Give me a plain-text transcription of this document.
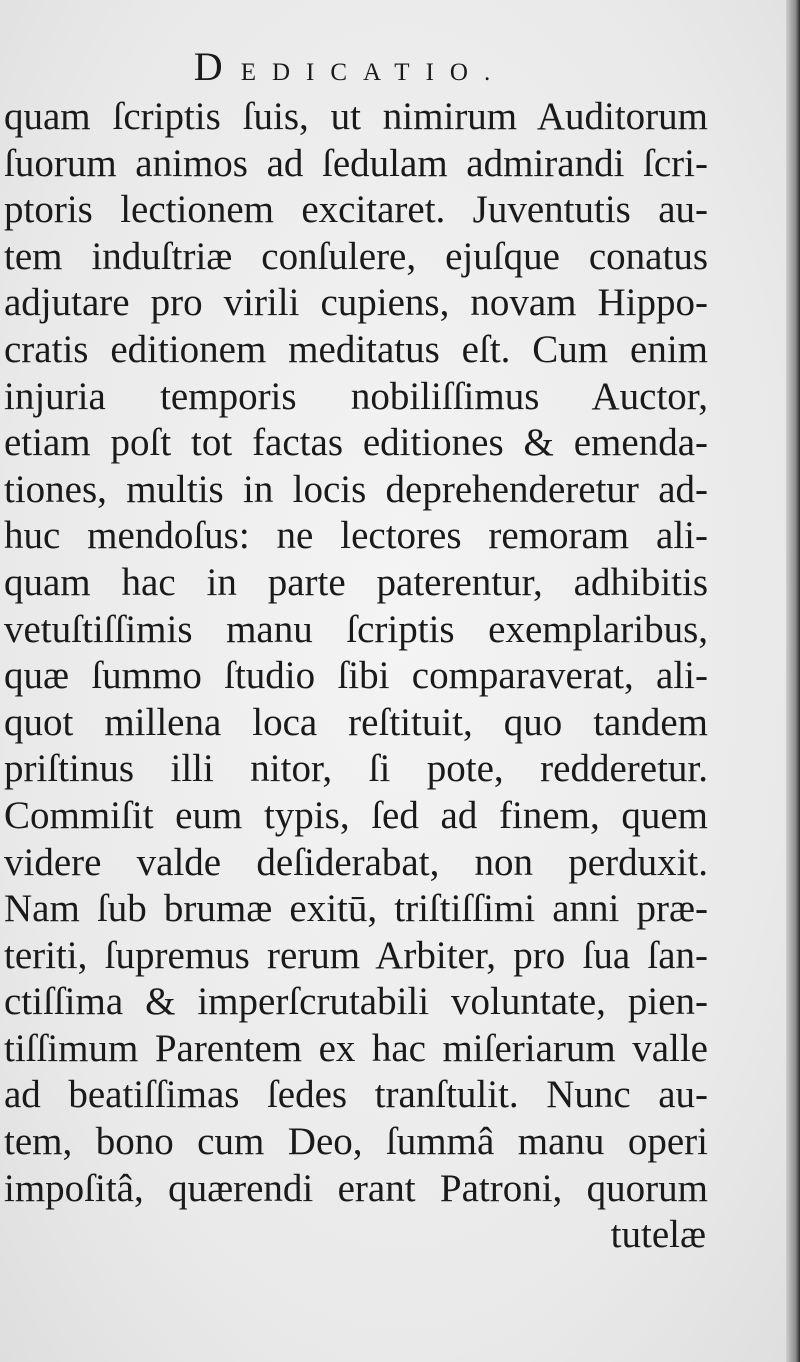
DEDICATIO.
quam ſcriptis ſuis, ut nimirum Auditorum
ſuorum animos ad ſedulam admirandi ſcri-
ptoris lectionem excitaret. Juventutis au-
tem induſtriæ conſulere, ejuſque conatus
adjutare pro virili cupiens, novam Hippo-
cratis editionem meditatus eſt. Cum enim
injuria temporis nobiliſſimus Auctor,
etiam poſt tot factas editiones & emenda-
tiones, multis in locis deprehenderetur ad-
huc mendoſus: ne lectores remoram ali-
quam hac in parte paterentur, adhibitis
vetuſtiſſimis manu ſcriptis exemplaribus,
quæ ſummo ſtudio ſibi comparaverat, ali-
quot millena loca reſtituit, quo tandem
priſtinus illi nitor, ſi pote, redderetur.
Commiſit eum typis, ſed ad finem, quem
videre valde deſiderabat, non perduxit.
Nam ſub brumæ exitū, triſtiſſimi anni præ-
teriti, ſupremus rerum Arbiter, pro ſua ſan-
ctiſſima & imperſcrutabili voluntate, pien-
tiſſimum Parentem ex hac miſeriarum valle
ad beatiſſimas ſedes tranſtulit. Nunc au-
tem, bono cum Deo, ſummâ manu operi
impoſitâ, quærendi erant Patroni, quorum
tutelæ
